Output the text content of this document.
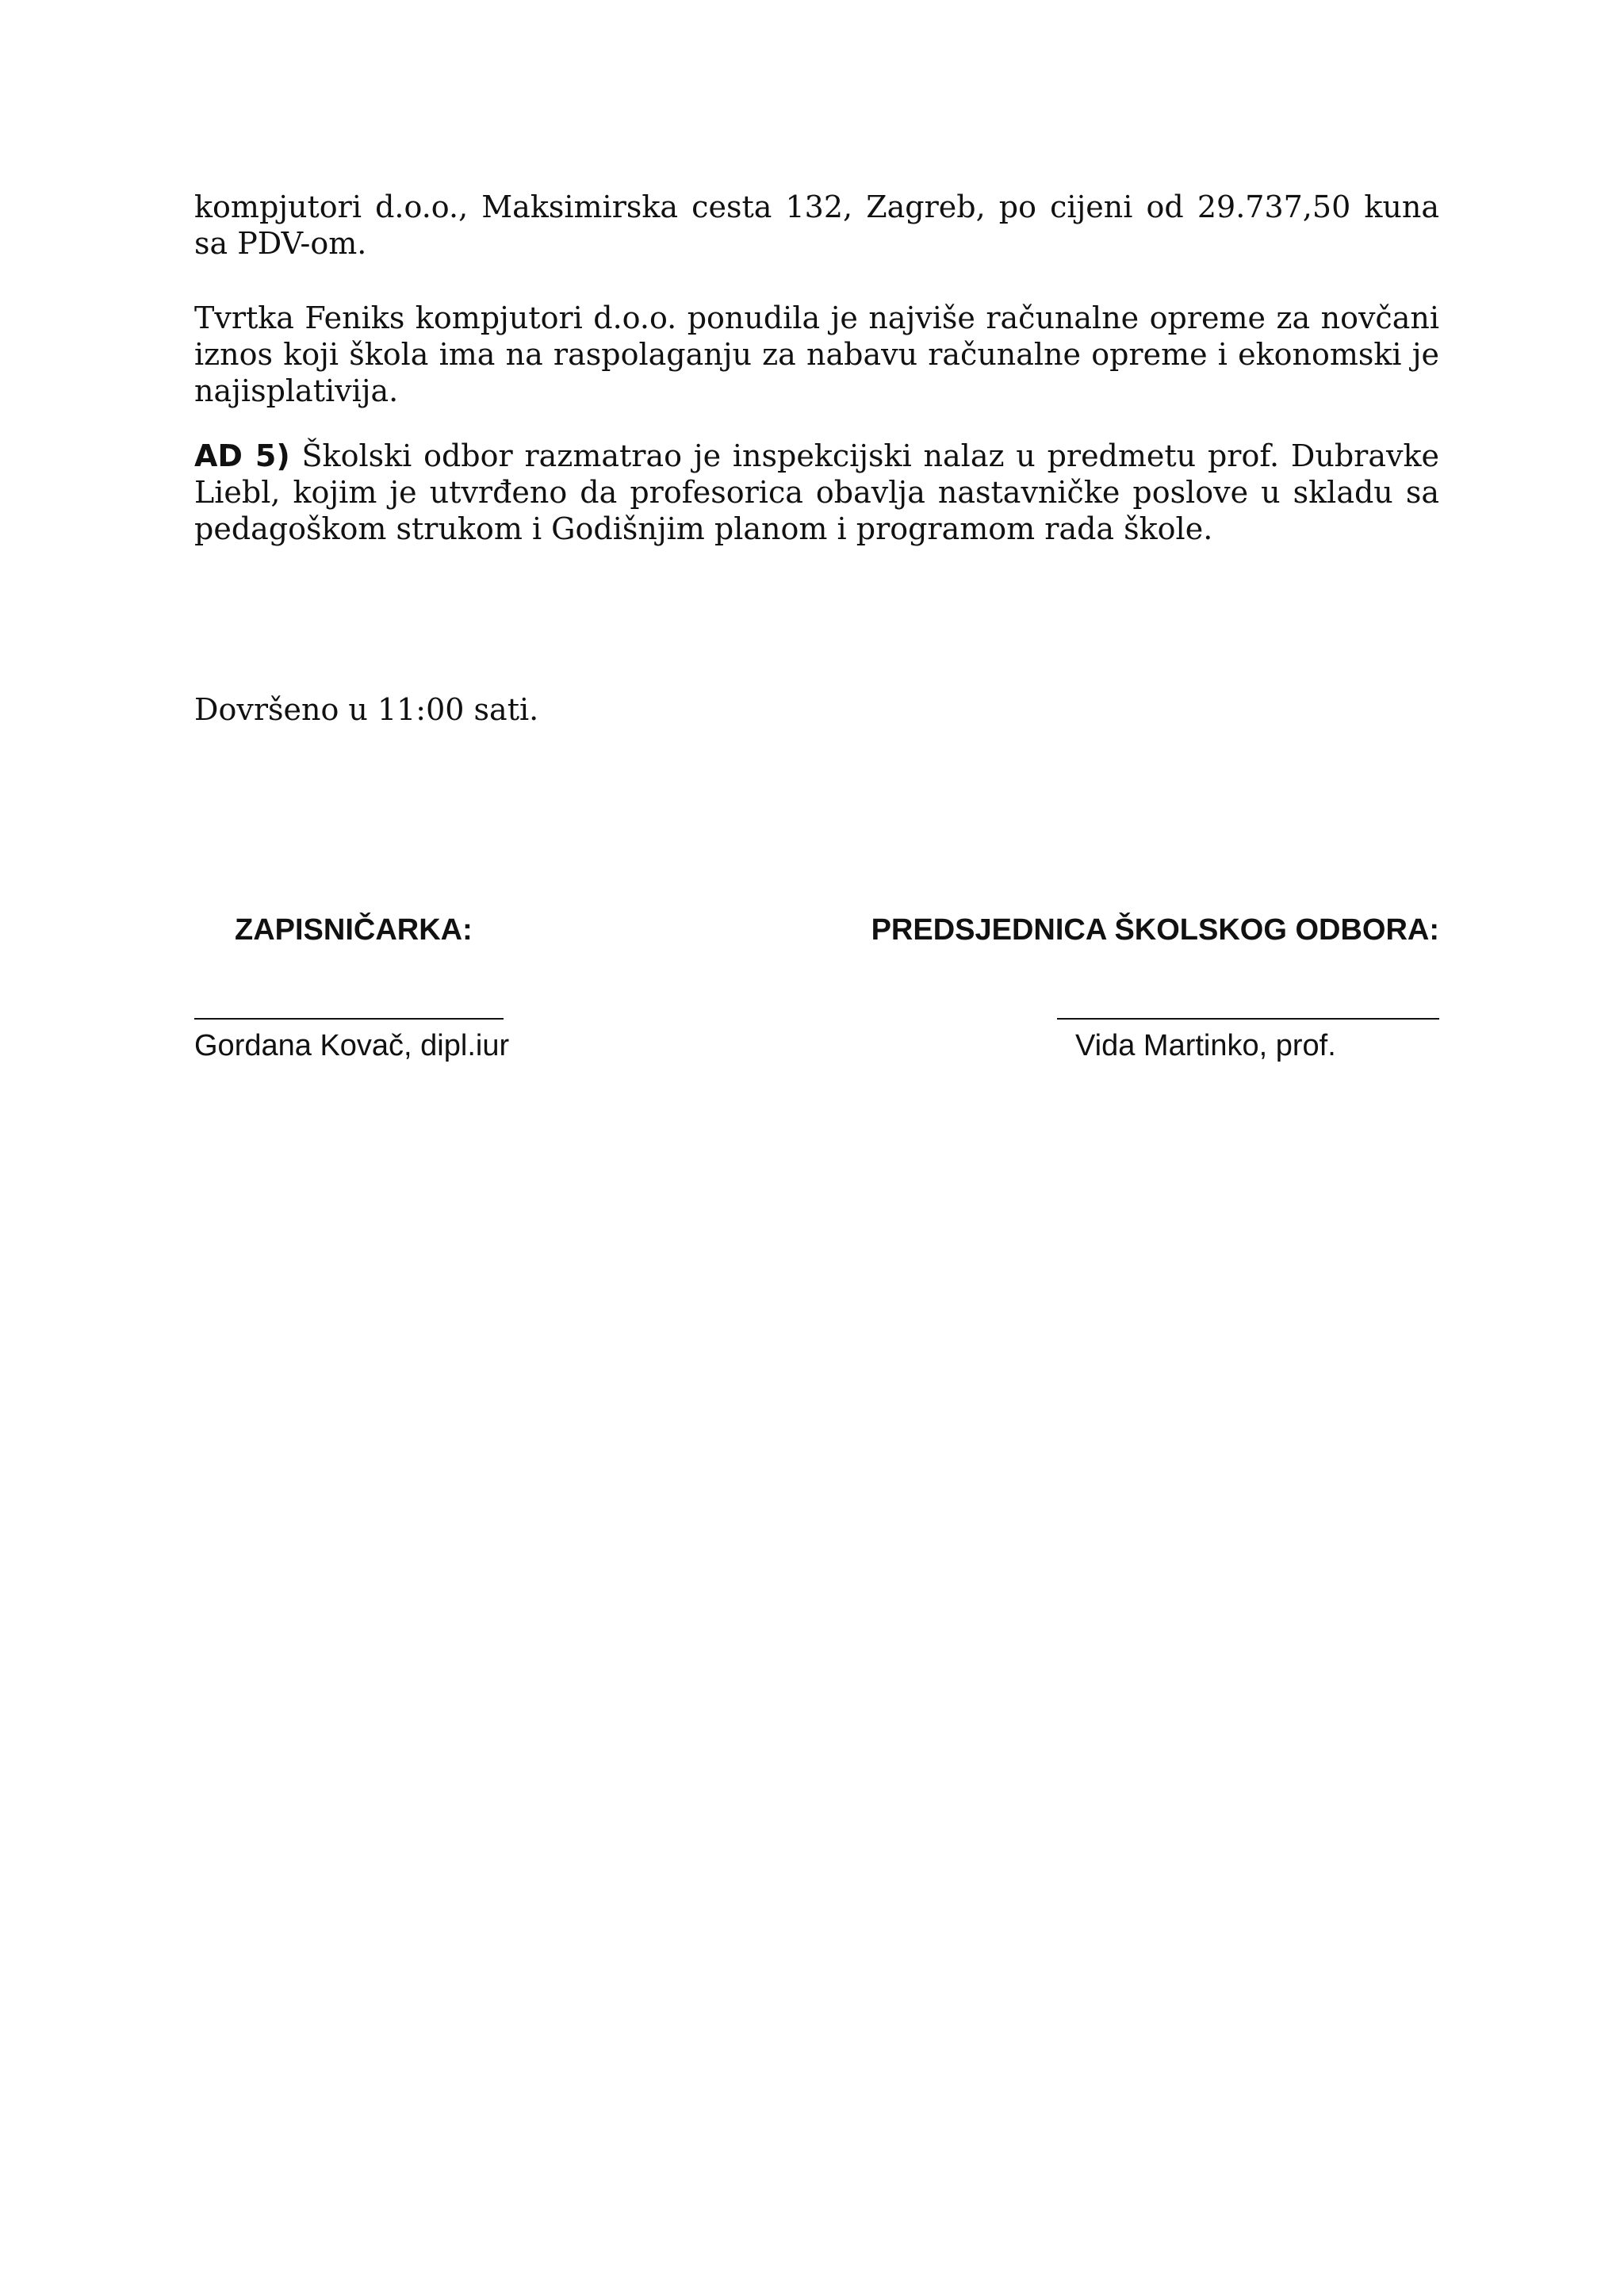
kompjutori d.o.o., Maksimirska cesta 132, Zagreb, po cijeni od 29.737,50 kuna sa PDV-om.

Tvrtka Feniks kompjutori d.o.o. ponudila je najviše računalne opreme za novčani iznos koji škola ima na raspolaganju za nabavu računalne opreme i ekonomski je najisplativija.

AD 5) Školski odbor razmatrao je inspekcijski nalaz u predmetu prof. Dubravke Liebl, kojim je utvrđeno da profesorica obavlja nastavničke poslove u skladu sa pedagoškom strukom i Godišnjim planom i programom rada škole.

Dovršeno u 11:00 sati.

ZAPISNIČARKA:	PREDSJEDNICA ŠKOLSKOG ODBORA:
Gordana Kovač, dipl.iur	Vida Martinko, prof.
